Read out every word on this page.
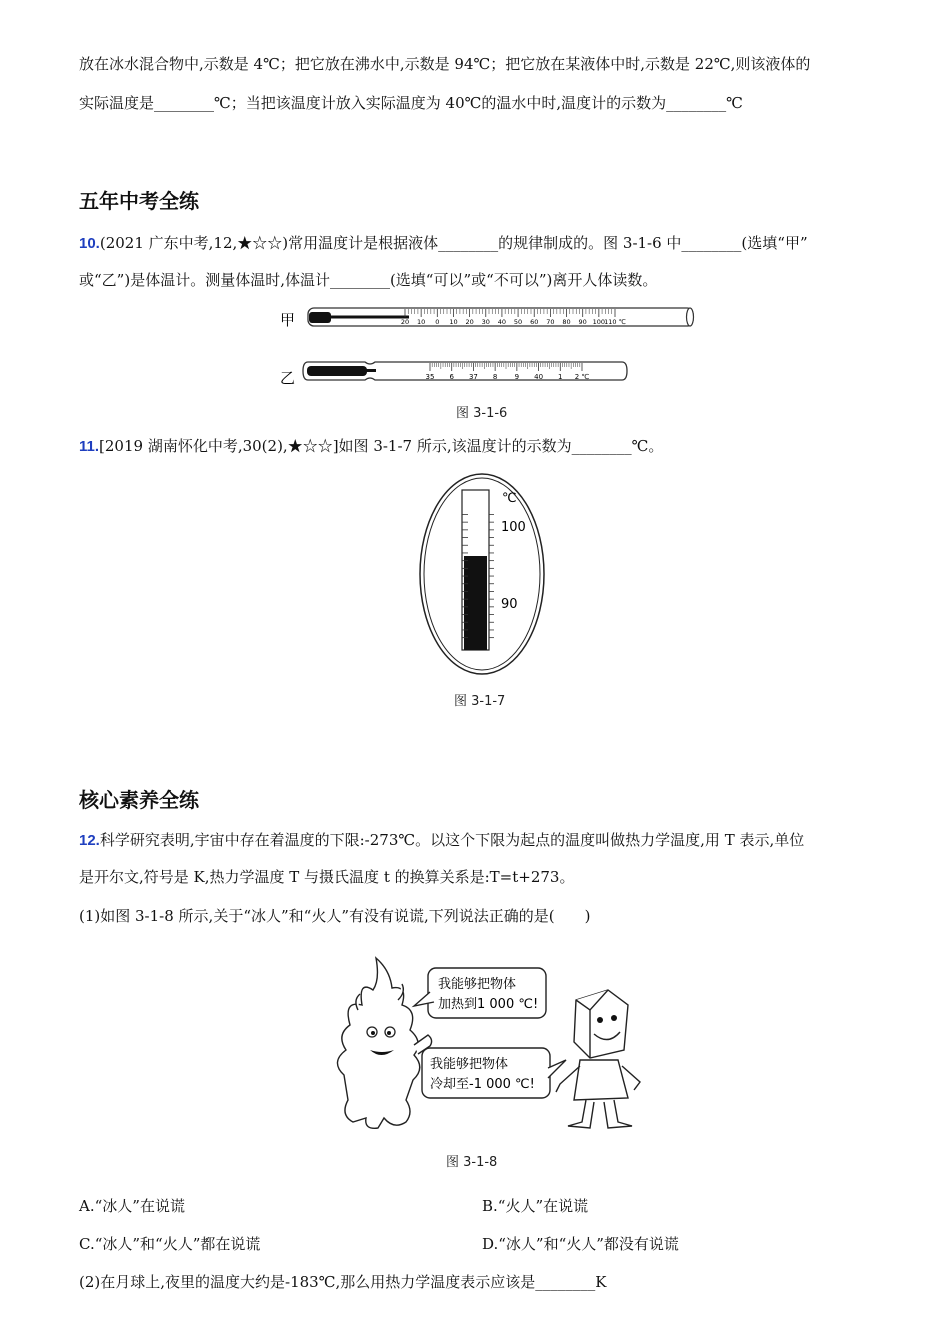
放在冰水混合物中,示数是 4℃；把它放在沸水中,示数是 94℃；把它放在某液体中时,示数是 22℃,则该液体的
实际温度是________℃；当把该温度计放入实际温度为 40℃的温水中时,温度计的示数为________℃
五年中考全练
10.(2021 广东中考,12,★☆☆)常用温度计是根据液体________的规律制成的。图 3-1-6 中________(选填“甲”
或“乙”)是体温计。测量体温时,体温计________(选填“可以”或“不可以”)离开人体读数。
甲	20 10 0 10 20 30 40 50 60 70 80 90 100 110 ℃
乙	35 6 37 8 9 40 1 2 ℃
图 3-1-6
11.[2019 湖南怀化中考,30(2),★☆☆]如图 3-1-7 所示,该温度计的示数为________℃。
℃
100
90
图 3-1-7
核心素养全练
12.科学研究表明,宇宙中存在着温度的下限:-273℃。以这个下限为起点的温度叫做热力学温度,用 T 表示,单位
是开尔文,符号是 K,热力学温度 T 与摄氏温度 t 的换算关系是:T=t+273。
(1)如图 3-1-8 所示,关于“冰人”和“火人”有没有说谎,下列说法正确的是(　　)
我能够把物体
加热到1 000 ℃!
我能够把物体
冷却至-1 000 ℃!
图 3-1-8
A.“冰人”在说谎	B.“火人”在说谎
C.“冰人”和“火人”都在说谎	D.“冰人”和“火人”都没有说谎
(2)在月球上,夜里的温度大约是-183℃,那么用热力学温度表示应该是________K
